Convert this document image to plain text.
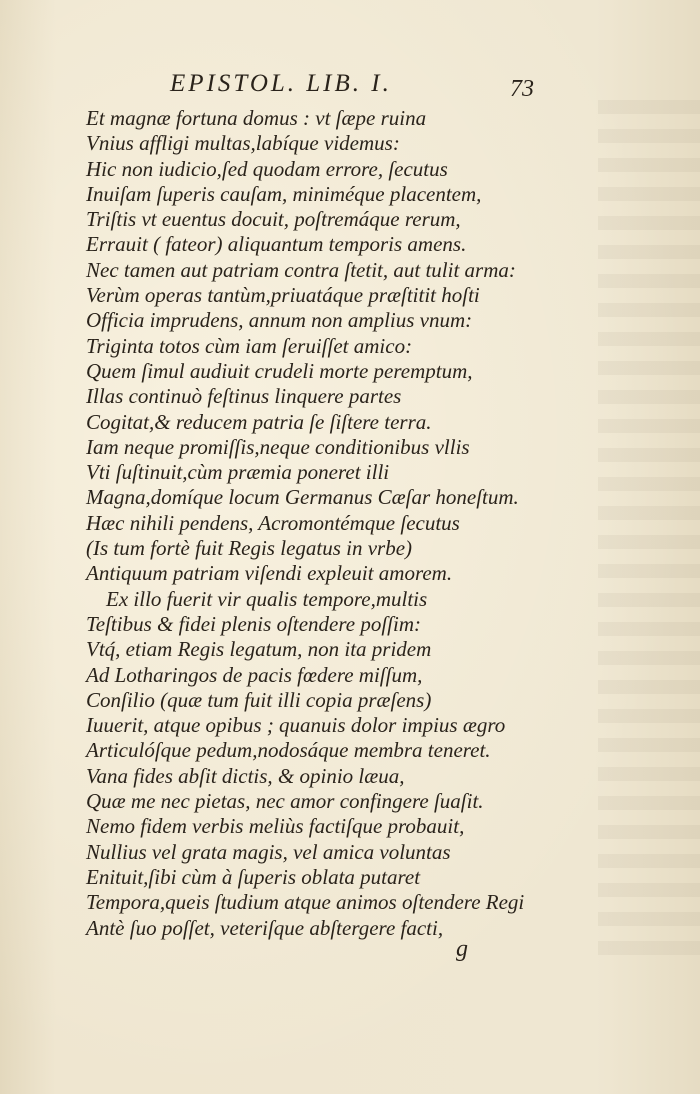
EPISTOL. LIB. I.	73
Et magnæ fortuna domus : vt ſæpe ruina
Vnius affligi multas,labíque videmus:
Hic non iudicio,ſed quodam errore, ſecutus
Inuiſam ſuperis cauſam, miniméque placentem,
Triſtis vt euentus docuit, poſtremáque rerum,
Errauit ( fateor) aliquantum temporis amens.
Nec tamen aut patriam contra ſtetit, aut tulit arma:
Verùm operas tantùm,priuatáque præſtitit hoſti
Officia imprudens, annum non amplius vnum:
Triginta totos cùm iam ſeruiſſet amico:
Quem ſimul audiuit crudeli morte peremptum,
Illas continuò feſtinus linquere partes
Cogitat,& reducem patria ſe ſiſtere terra.
Iam neque promiſſis,neque conditionibus vllis
Vti ſuſtinuit,cùm præmia poneret illi
Magna,domíque locum Germanus Cæſar honeſtum.
Hæc nihili pendens, Acromontémque ſecutus
(Is tum fortè fuit Regis legatus in vrbe)
Antiquum patriam viſendi expleuit amorem.
Ex illo fuerit vir qualis tempore,multis
Teſtibus & fidei plenis oſtendere poſſim:
Vtq́, etiam Regis legatum, non ita pridem
Ad Lotharingos de pacis fœdere miſſum,
Conſilio (quæ tum fuit illi copia præſens)
Iuuerit, atque opibus ; quanuis dolor impius ægro
Articulóſque pedum,nodosáque membra teneret.
Vana fides abſit dictis, & opinio læua,
Quæ me nec pietas, nec amor confingere ſuaſit.
Nemo fidem verbis meliùs factiſque probauit,
Nullius vel grata magis, vel amica voluntas
Enituit,ſibi cùm à ſuperis oblata putaret
Tempora,queis ſtudium atque animos oſtendere Regi
Antè ſuo poſſet, veteriſque abſtergere facti,
g
